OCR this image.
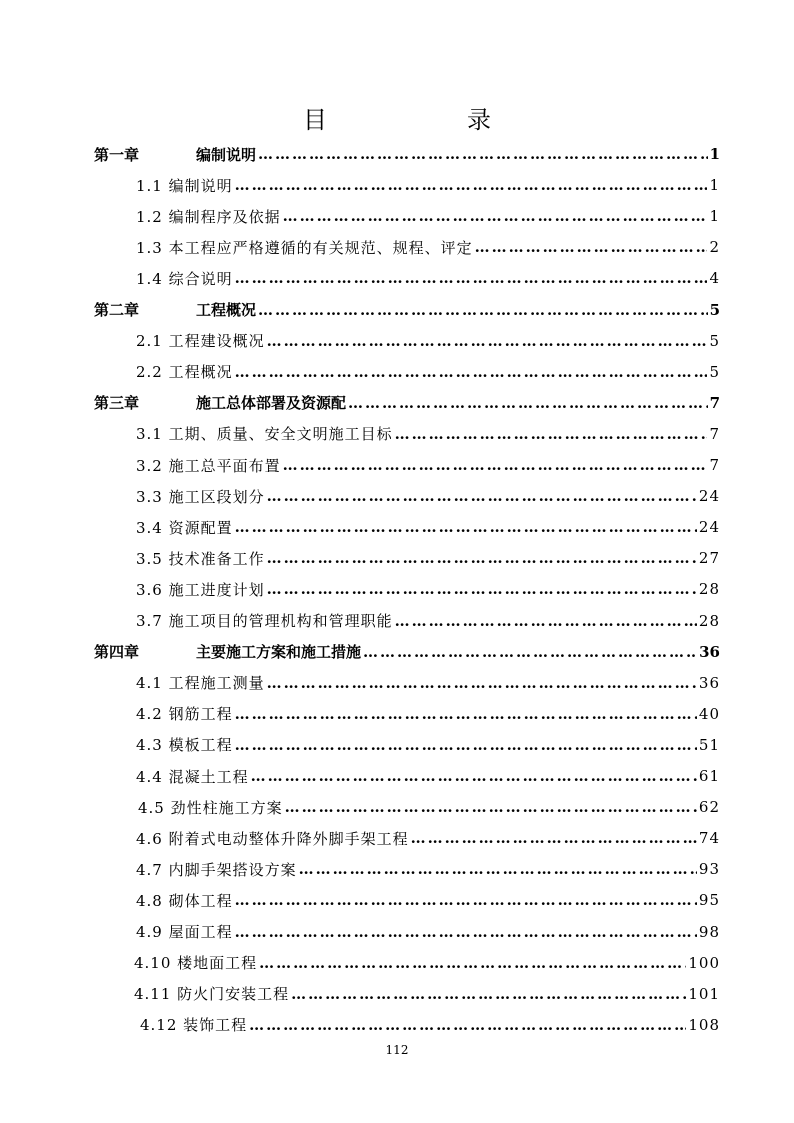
目　录
第一章	编制说明 …………………………………………………………………………………………………………………………………………………………………………………………	1
1.1 编制说明 …………………………………………………………………………………………………………………………………………………………………………………………	1
1.2 编制程序及依据 …………………………………………………………………………………………………………………………………………………………………………………………	1
1.3 本工程应严格遵循的有关规范、规程、评定 …………………………………………………………………………………………………………………………………………………………………………………………	2
1.4 综合说明 …………………………………………………………………………………………………………………………………………………………………………………………	4
第二章	工程概况 …………………………………………………………………………………………………………………………………………………………………………………………	5
2.1 工程建设概况 …………………………………………………………………………………………………………………………………………………………………………………………	5
2.2 工程概况 …………………………………………………………………………………………………………………………………………………………………………………………	5
第三章	施工总体部署及资源配 …………………………………………………………………………………………………………………………………………………………………………………………	7
3.1 工期、质量、安全文明施工目标 …………………………………………………………………………………………………………………………………………………………………………………………	7
3.2 施工总平面布置 …………………………………………………………………………………………………………………………………………………………………………………………	7
3.3 施工区段划分 …………………………………………………………………………………………………………………………………………………………………………………………	24
3.4 资源配置 …………………………………………………………………………………………………………………………………………………………………………………………	24
3.5 技术准备工作 …………………………………………………………………………………………………………………………………………………………………………………………	27
3.6 施工进度计划 …………………………………………………………………………………………………………………………………………………………………………………………	28
3.7 施工项目的管理机构和管理职能 …………………………………………………………………………………………………………………………………………………………………………………………	28
第四章	主要施工方案和施工措施 …………………………………………………………………………………………………………………………………………………………………………………………	36
4.1 工程施工测量 …………………………………………………………………………………………………………………………………………………………………………………………	36
4.2 钢筋工程 …………………………………………………………………………………………………………………………………………………………………………………………	40
4.3 模板工程 …………………………………………………………………………………………………………………………………………………………………………………………	51
4.4 混凝土工程 …………………………………………………………………………………………………………………………………………………………………………………………	61
4.5 劲性柱施工方案 …………………………………………………………………………………………………………………………………………………………………………………………	62
4.6 附着式电动整体升降外脚手架工程 …………………………………………………………………………………………………………………………………………………………………………………………	74
4.7 内脚手架搭设方案 …………………………………………………………………………………………………………………………………………………………………………………………	93
4.8 砌体工程 …………………………………………………………………………………………………………………………………………………………………………………………	95
4.9 屋面工程 …………………………………………………………………………………………………………………………………………………………………………………………	98
4.10 楼地面工程 …………………………………………………………………………………………………………………………………………………………………………………………	100
4.11 防火门安装工程 …………………………………………………………………………………………………………………………………………………………………………………………	101
4.12 装饰工程 …………………………………………………………………………………………………………………………………………………………………………………………	108
112
